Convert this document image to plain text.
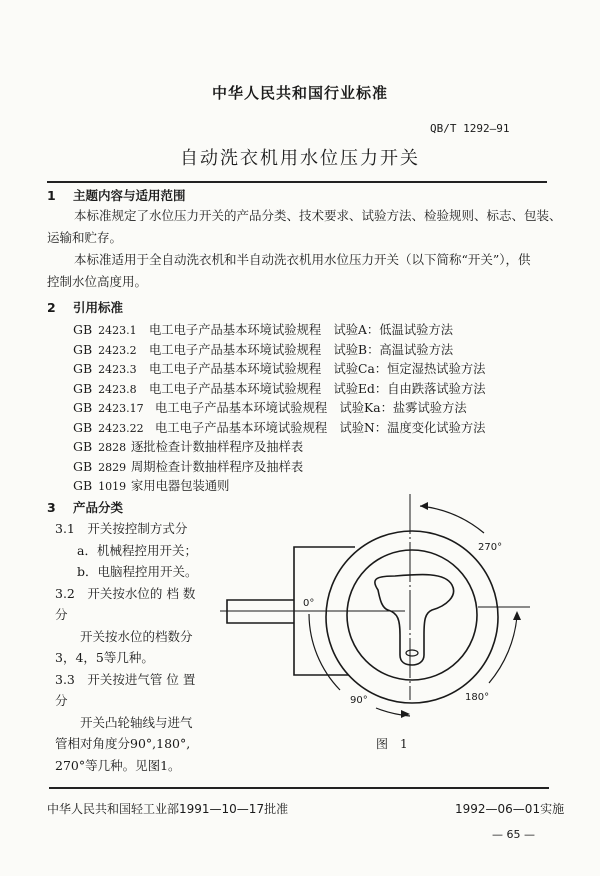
中华人民共和国行业标准
QB/T 1292—91
自动洗衣机用水位压力开关
1 主题内容与适用范围
本标准规定了水位压力开关的产品分类、技术要求、试验方法、检验规则、标志、包装、
运输和贮存。
本标准适用于全自动洗衣机和半自动洗衣机用水位压力开关（以下简称“开关”），供
控制水位高度用。
2 引用标准
GB 2423.1 电工电子产品基本环境试验规程　试验A：低温试验方法
GB 2423.2 电工电子产品基本环境试验规程　试验B：高温试验方法
GB 2423.3 电工电子产品基本环境试验规程　试验Ca：恒定湿热试验方法
GB 2423.8 电工电子产品基本环境试验规程　试验Ed：自由跌落试验方法
GB 2423.17 电工电子产品基本环境试验规程　试验Ka：盐雾试验方法
GB 2423.22 电工电子产品基本环境试验规程　试验N：温度变化试验方法
GB 2828 逐批检查计数抽样程序及抽样表
GB 2829 周期检查计数抽样程序及抽样表
GB 1019 家用电器包装通则
3 产品分类
3.1　开关按控制方式分
a．机械程控用开关；
b．电脑程控用开关。
3.2　开关按水位的 档 数
分
开关按水位的档数分
3，4，5等几种。
3.3　开关按进气管 位 置
分
开关凸轮轴线与进气
管相对角度分90°,180°,
270°等几种。见图1。
0°
90°	180°
270°
图　1
中华人民共和国轻工业部1991—10—17批准	1992—06—01实施
— 65 —
